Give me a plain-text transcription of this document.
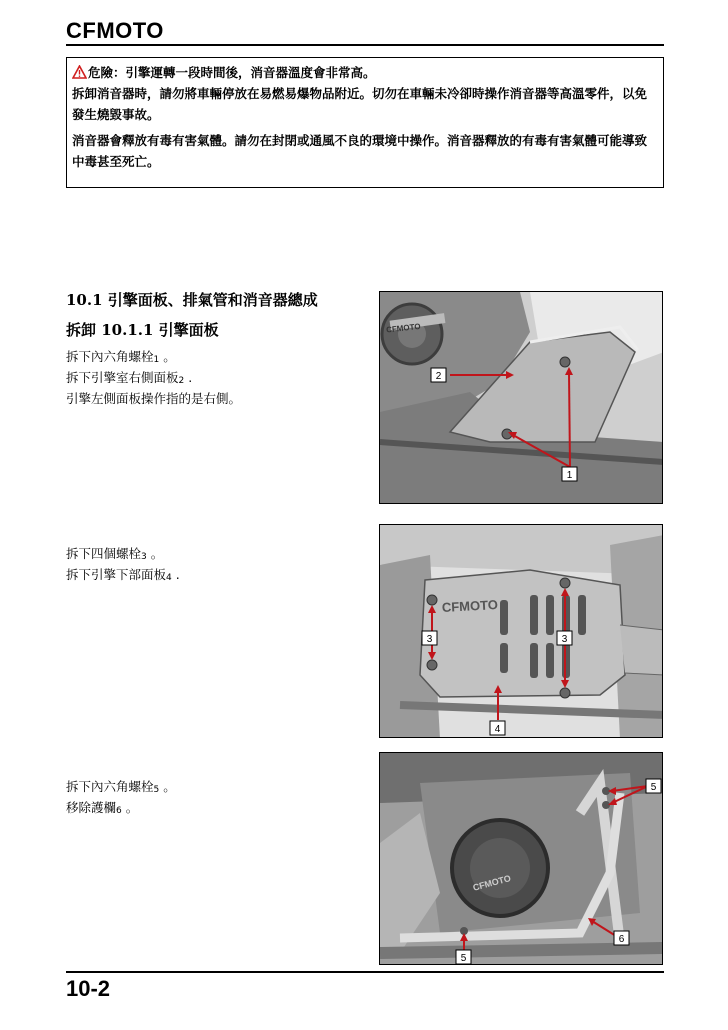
CFMOTO

危險：引擎運轉一段時間後，消音器溫度會非常高。

拆卸消音器時，請勿將車輛停放在易燃易爆物品附近。切勿在車輛未冷卻時操作消音器等高溫零件，以免發生燒毀事故。

消音器會釋放有毒有害氣體。請勿在封閉或通風不良的環境中操作。消音器釋放的有毒有害氣體可能導致中毒甚至死亡。

10.1 引擎面板、排氣管和消音器總成
拆卸 10.1.1 引擎面板
拆下內六角螺栓$_1$ 。
拆下引擎室右側面板$_2$ .
引擎左側面板操作指的是右側。
拆下四個螺栓$_3$ 。
拆下引擎下部面板$_4$ .
拆下內六角螺栓$_5$ 。
移除護欄$_6$ 。
CFMOTO
2
1
CFMOTO
3	3
4
CFMOTO
5
6
5
10-2
